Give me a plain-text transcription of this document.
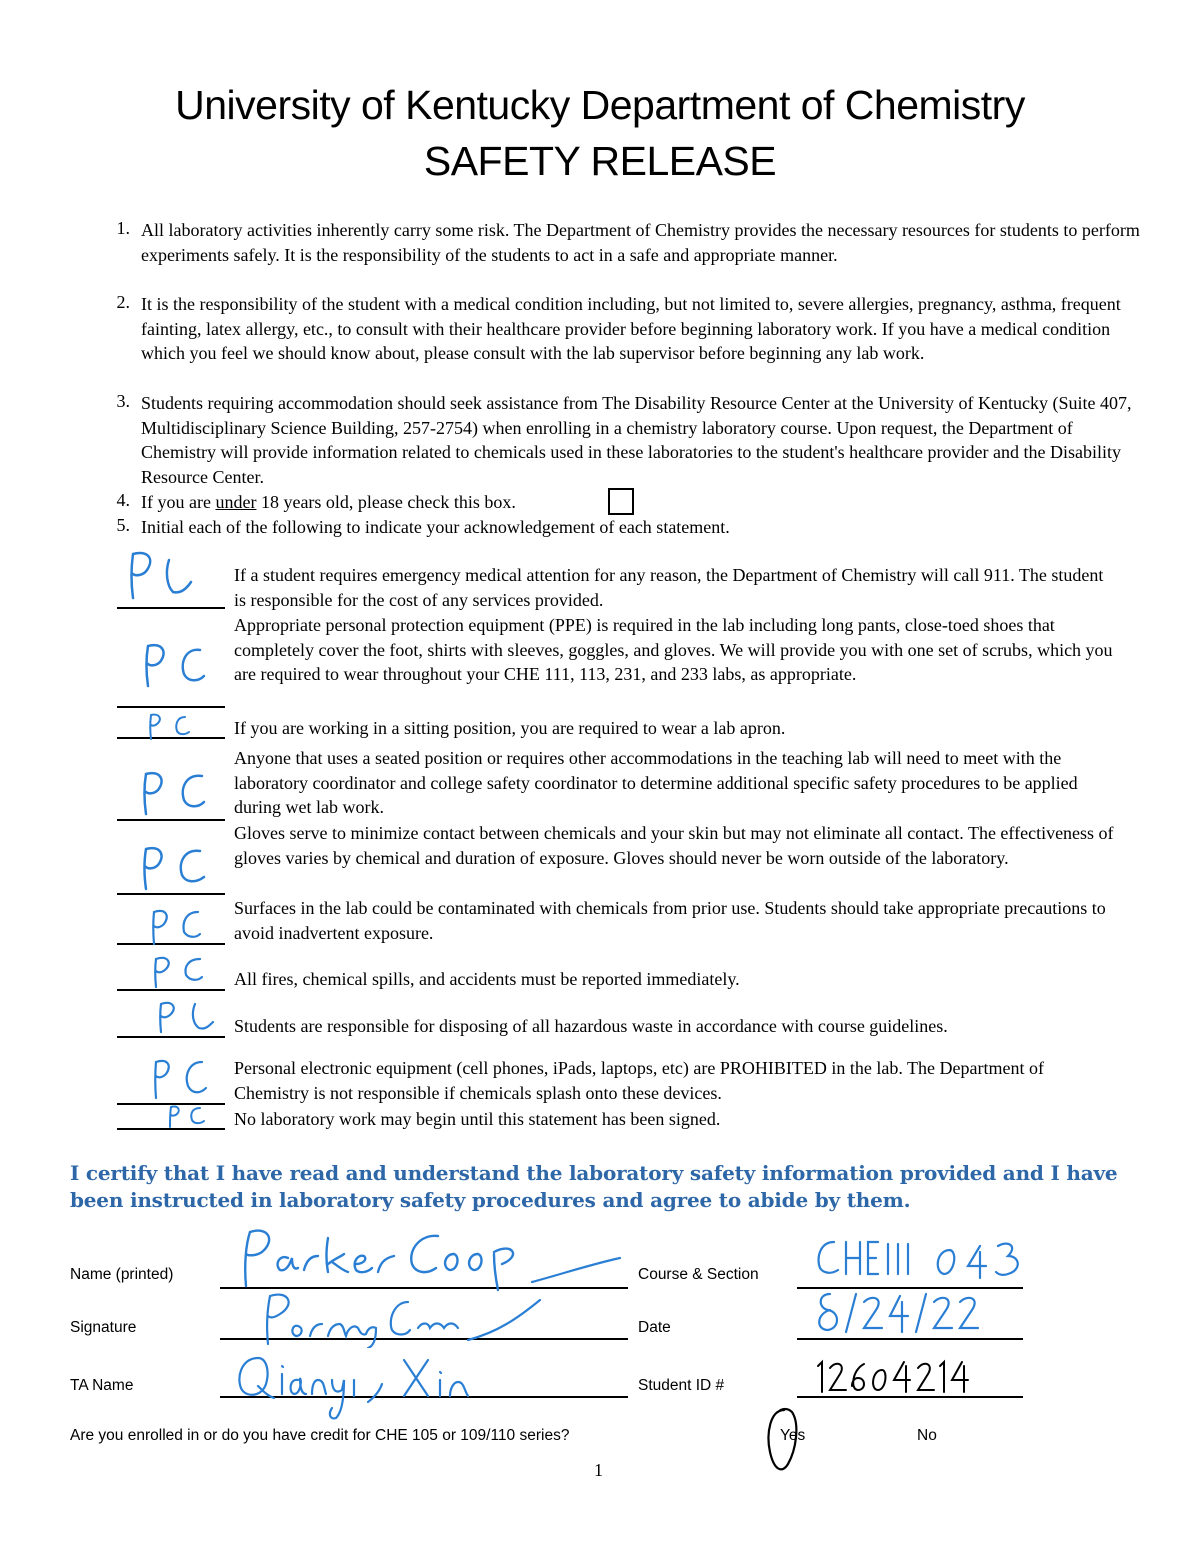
University of Kentucky Department of Chemistry
SAFETY RELEASE
1. All laboratory activities inherently carry some risk. The Department of Chemistry provides the necessary resources for students to perform experiments safely. It is the responsibility of the students to act in a safe and appropriate manner.
2. It is the responsibility of the student with a medical condition including, but not limited to, severe allergies, pregnancy, asthma, frequent fainting, latex allergy, etc., to consult with their healthcare provider before beginning laboratory work. If you have a medical condition which you feel we should know about, please consult with the lab supervisor before beginning any lab work.
3. Students requiring accommodation should seek assistance from The Disability Resource Center at the University of Kentucky (Suite 407, Multidisciplinary Science Building, 257-2754) when enrolling in a chemistry laboratory course. Upon request, the Department of Chemistry will provide information related to chemicals used in these laboratories to the student's healthcare provider and the Disability Resource Center.
4. If you are under 18 years old, please check this box.
5. Initial each of the following to indicate your acknowledgement of each statement.
If a student requires emergency medical attention for any reason, the Department of Chemistry will call 911. The student is responsible for the cost of any services provided.
Appropriate personal protection equipment (PPE) is required in the lab including long pants, close-toed shoes that completely cover the foot, shirts with sleeves, goggles, and gloves. We will provide you with one set of scrubs, which you are required to wear throughout your CHE 111, 113, 231, and 233 labs, as appropriate.
If you are working in a sitting position, you are required to wear a lab apron.
Anyone that uses a seated position or requires other accommodations in the teaching lab will need to meet with the laboratory coordinator and college safety coordinator to determine additional specific safety procedures to be applied during wet lab work.
Gloves serve to minimize contact between chemicals and your skin but may not eliminate all contact. The effectiveness of gloves varies by chemical and duration of exposure. Gloves should never be worn outside of the laboratory.
Surfaces in the lab could be contaminated with chemicals from prior use. Students should take appropriate precautions to avoid inadvertent exposure.
All fires, chemical spills, and accidents must be reported immediately.
Students are responsible for disposing of all hazardous waste in accordance with course guidelines.
Personal electronic equipment (cell phones, iPads, laptops, etc) are PROHIBITED in the lab. The Department of Chemistry is not responsible if chemicals splash onto these devices.
No laboratory work may begin until this statement has been signed.
I certify that I have read and understand the laboratory safety information provided and I have been instructed in laboratory safety procedures and agree to abide by them.
Name (printed)	Course & Section
Signature	Date
TA Name	Student ID #
Are you enrolled in or do you have credit for CHE 105 or 109/110 series?	Yes	No
1
